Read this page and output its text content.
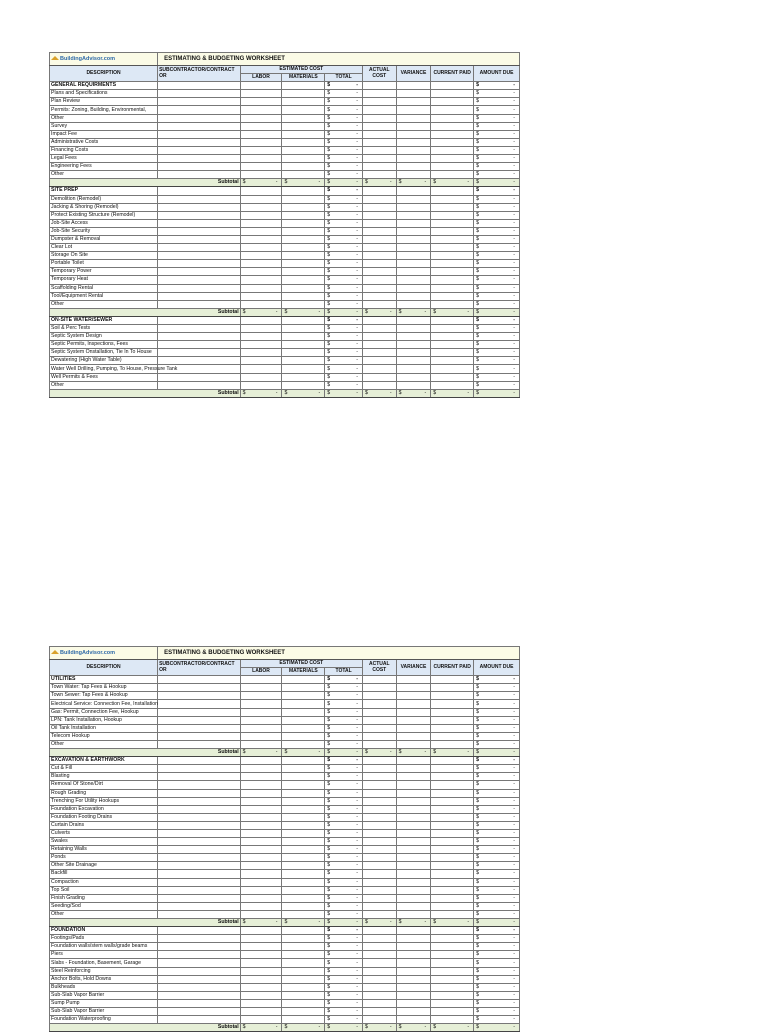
BuildingAdvisor.com	ESTIMATING & BUDGETING WORKSHEET							
DESCRIPTION	SUBCONTRACTOR/CONTRACT OR	ESTIMATED COST			ACTUAL COST	VARIANCE	CURRENT PAID	AMOUNT DUE
		LABOR	MATERIALS	TOTAL				
GENERAL REQUIRMENTS				$ -				$ -

Plans and Specifications				$ -				$ -

Plan Review				$ -				$ -

Permits: Zoning, Building, Environmental,				$ -				$ -

Other				$ -				$ -

Survey				$ -				$ -

Impact Fee				$ -				$ -

Administrative Costs				$ -				$ -

Financing Costs				$ -				$ -

Legal Fees				$ -				$ -

Engineering Fees				$ -				$ -

Other				$ -				$ -

Subtotal		$ -	$ -	$ -	$ -	$ -	$ -	$ -

SITE PREP				$ -				$ -

Demolition (Remodel)				$ -				$ -

Jacking & Shoring (Remodel)				$ -				$ -

Protect Existing Structure (Remodel)				$ -				$ -

Job-Site Access				$ -				$ -

Job-Site Security				$ -				$ -

Dumpster & Removal				$ -				$ -

Clear Lot				$ -				$ -

Storage On Site				$ -				$ -

Portable Toilet				$ -				$ -

Temporary Power				$ -				$ -

Temporary Heat				$ -				$ -

Scaffolding Rental				$ -				$ -

Tool/Equipment Rental				$ -				$ -

Other				$ -				$ -

Subtotal		$ -	$ -	$ -	$ -	$ -	$ -	$ -

ON-SITE WATER/SEWER				$ -				$ -

Soil & Perc Tests				$ -				$ -

Septic System Design				$ -				$ -

Septic Permits, Inspections, Fees				$ -				$ -

Septic System Onstallation, Tie In To House				$ -				$ -

Dewatering (High Water Table)				$ -				$ -

Water Well Drilling, Pumping, To House, Pressure Tank				$ -				$ -

Well Permits & Fees				$ -				$ -

Other				$ -				$ -

Subtotal		$ -	$ -	$ -	$ -	$ -	$ -	$ -
BuildingAdvisor.com	ESTIMATING & BUDGETING WORKSHEET							
DESCRIPTION	SUBCONTRACTOR/CONTRACT OR	ESTIMATED COST			ACTUAL COST	VARIANCE	CURRENT PAID	AMOUNT DUE
		LABOR	MATERIALS	TOTAL				
UTILITIES				$ -				$ -

Town Water: Tap Fees & Hookup				$ -				$ -

Town Sewer: Tap Fees & Hookup				$ -				$ -

Electrical Service: Connection Fee, Installation				$ -				$ -

Gas: Permit, Connection Fee, Hookup				$ -				$ -

LPN: Tank Installation, Hookup				$ -				$ -

Oil Tank Installation				$ -				$ -

Telecom Hookup				$ -				$ -

Other				$ -				$ -

Subtotal		$ -	$ -	$ -	$ -	$ -	$ -	$ -

EXCAVATION & EARTHWORK				$ -				$ -

Cut & Fill				$ -				$ -

Blasting				$ -				$ -

Removal Of Stone/Dirt				$ -				$ -

Rough Grading				$ -				$ -

Trenching For Utility Hookups				$ -				$ -

Foundation Excavation				$ -				$ -

Foundation Footing Drains				$ -				$ -

Curtain Drains				$ -				$ -

Culverts				$ -				$ -

Swales				$ -				$ -

Retaining Walls				$ -				$ -

Ponds				$ -				$ -

Other Site Drainage				$ -				$ -

Backfill				$ -				$ -

Compaction				$ -				$ -

Top Soil				$ -				$ -

Finish Grading				$ -				$ -

Seeding/Sod				$ -				$ -

Other				$ -				$ -

Subtotal		$ -	$ -	$ -	$ -	$ -	$ -	$ -

FOUNDATION				$ -				$ -

Footings/Pads				$ -				$ -

Foundation walls/stem walls/grade beams				$ -				$ -

Piers				$ -				$ -

Slabs - Foundation, Basement, Garage				$ -				$ -

Steel Reinforcing				$ -				$ -

Anchor Bolts, Hold Downs				$ -				$ -

Bulkheads				$ -				$ -

Sub-Slab Vapor Barrier				$ -				$ -

Sump Pump				$ -				$ -

Sub-Slab Vapor Barrier				$ -				$ -

Foundation Waterproofing				$ -				$ -

Subtotal		$ -	$ -	$ -	$ -	$ -	$ -	$ -
